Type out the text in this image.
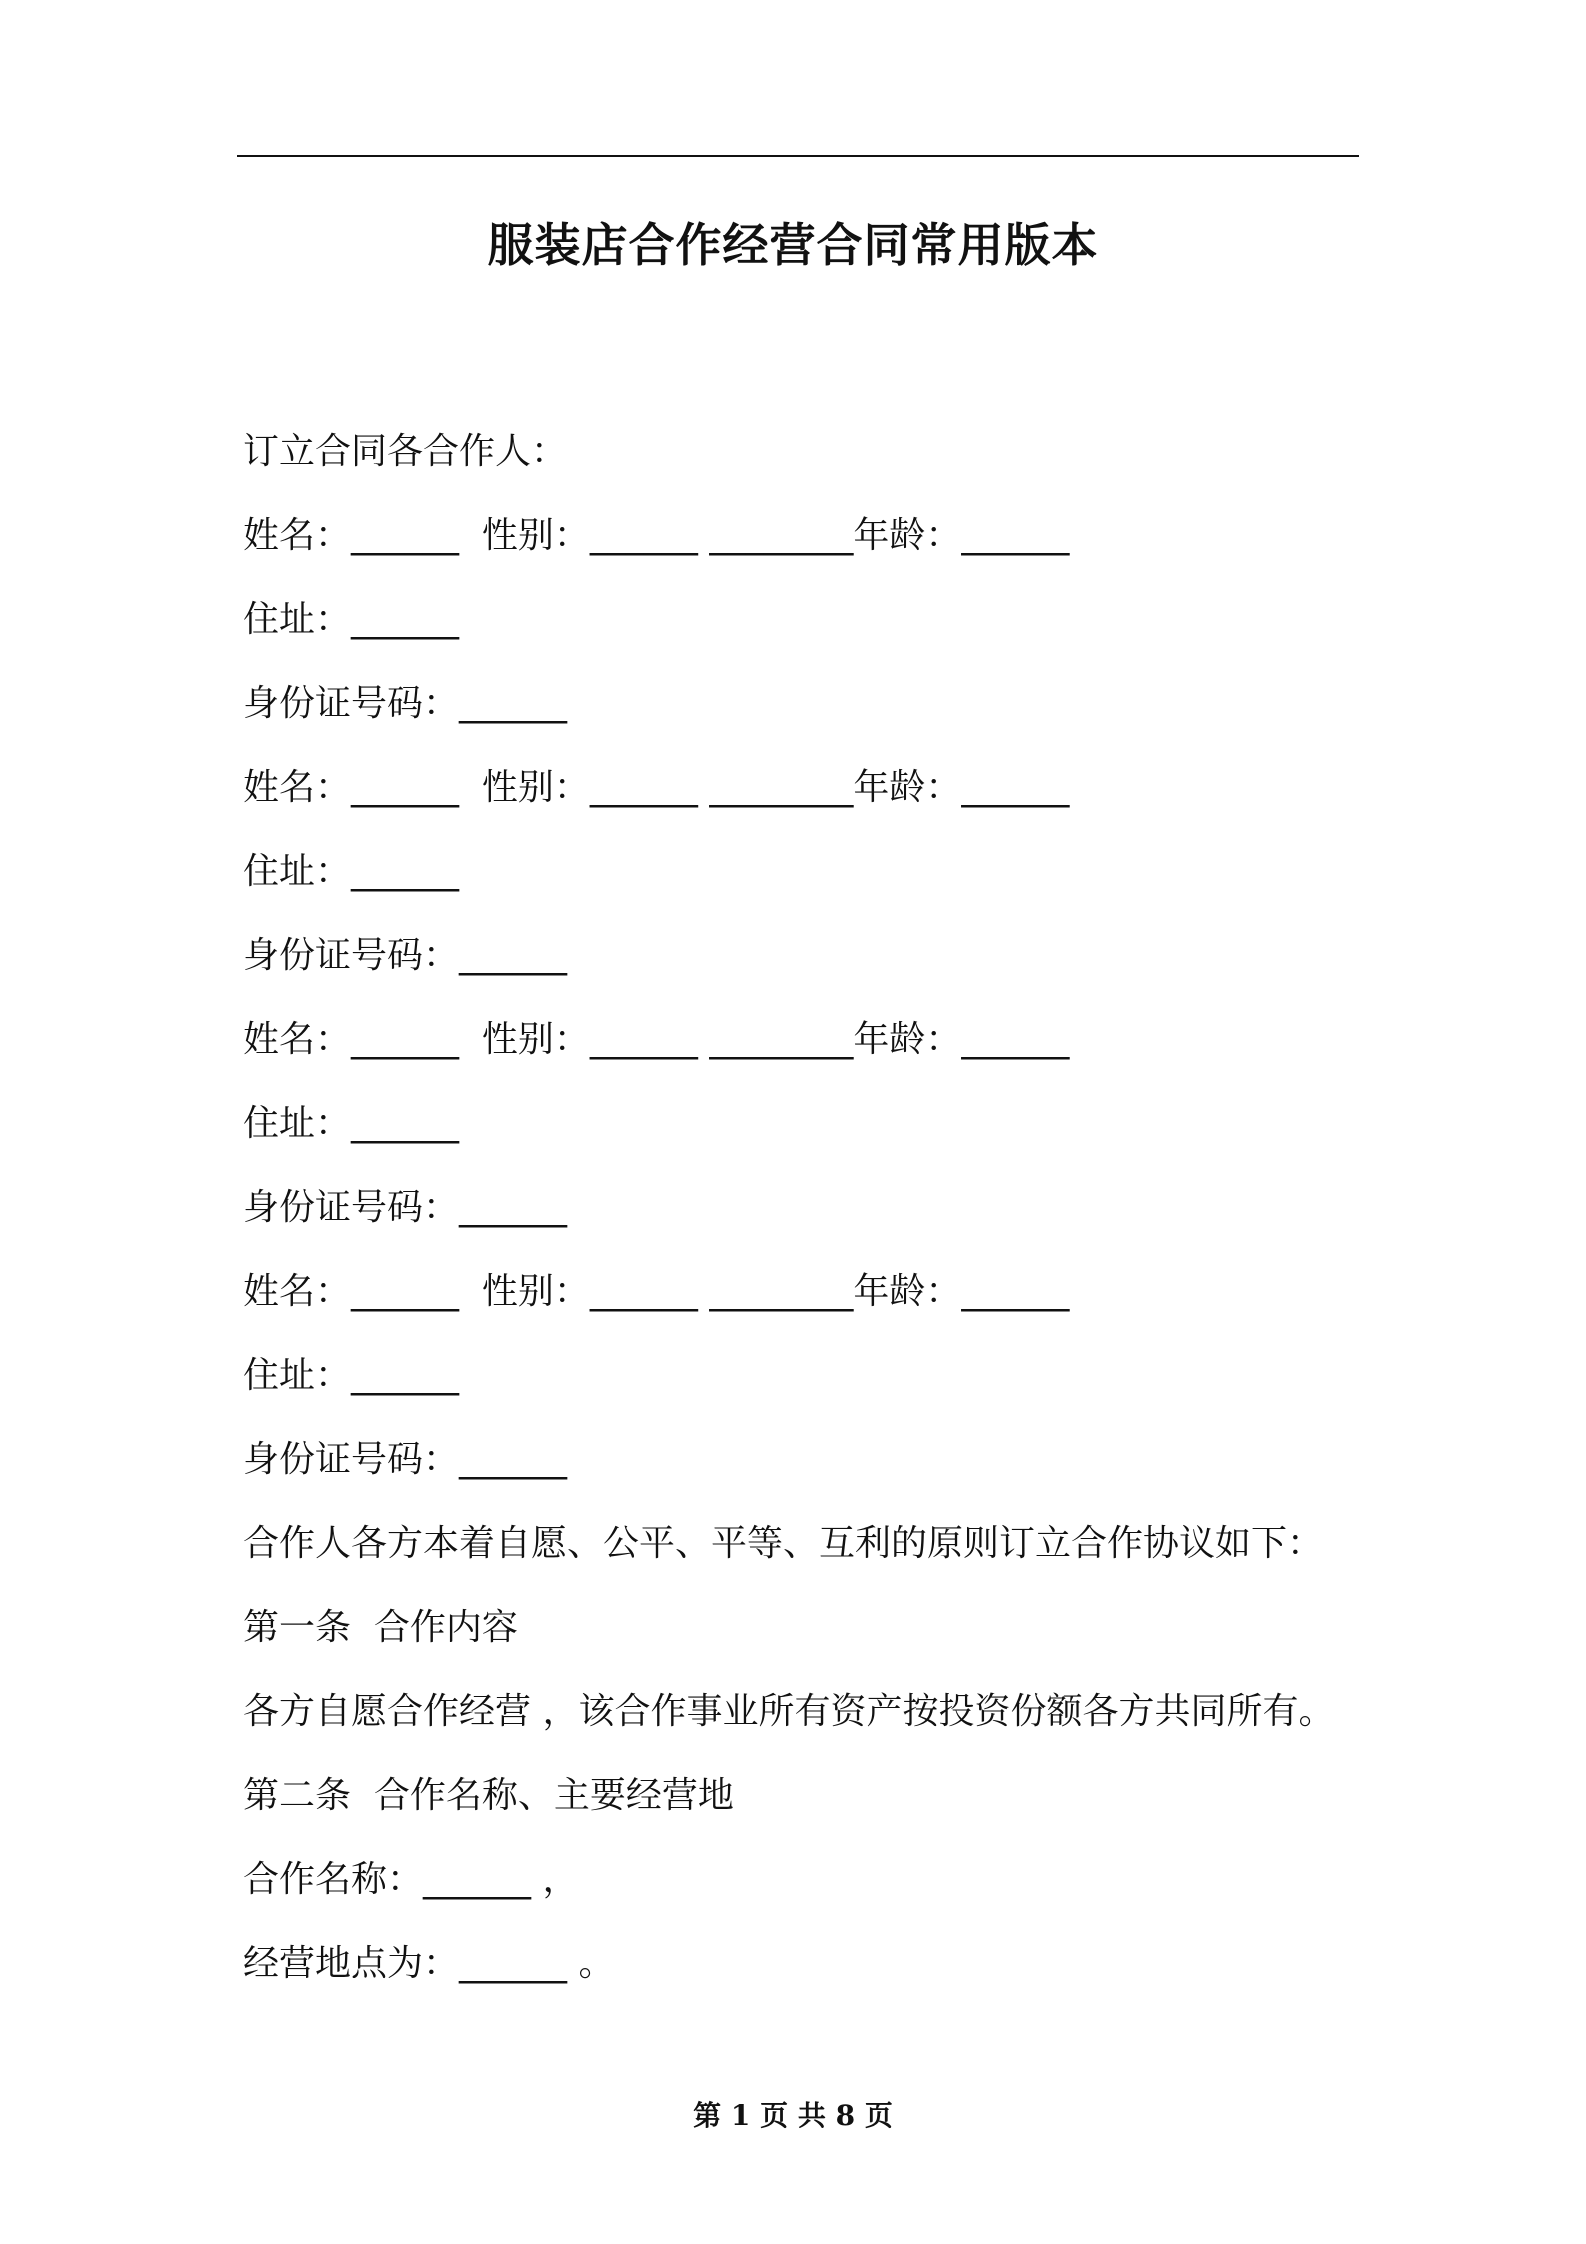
服装店合作经营合同常用版本
订立合同各合作人：
姓名：______  性别：______ ________年龄：______
住址：______
身份证号码：______
姓名：______  性别：______ ________年龄：______
住址：______
身份证号码：______
姓名：______  性别：______ ________年龄：______
住址：______
身份证号码：______
姓名：______  性别：______ ________年龄：______
住址：______
身份证号码：______
合作人各方本着自愿、公平、平等、互利的原则订立合作协议如下：
第一条  合作内容
各方自愿合作经营 ，该合作事业所有资产按投资份额各方共同所有。
第二条  合作名称、主要经营地
合作名称：______ ，
经营地点为：______ 。
第 1 页 共 8 页
